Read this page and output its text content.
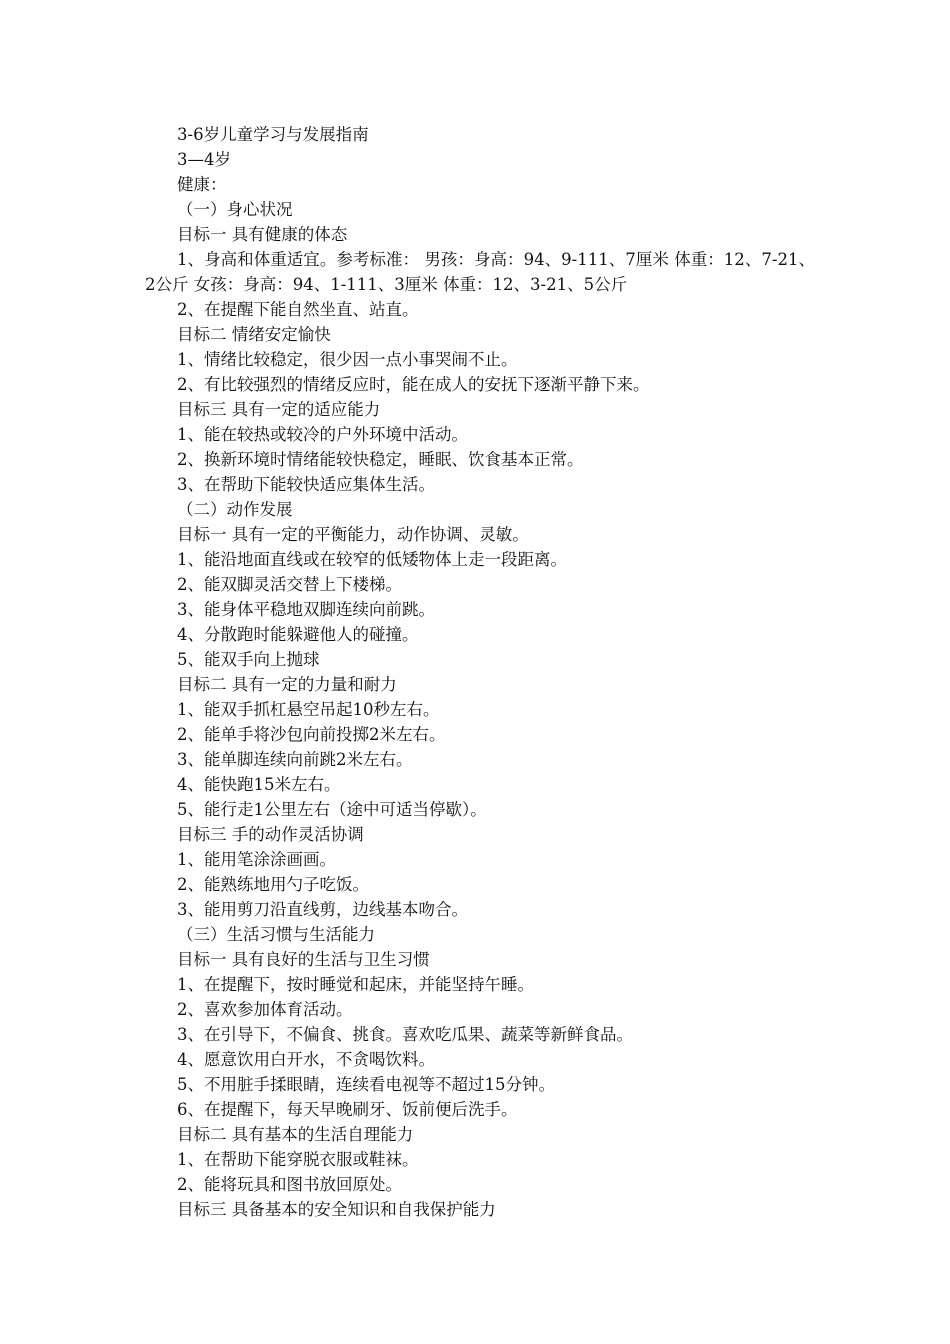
3-6岁儿童学习与发展指南
3—4岁
健康：
（一）身心状况
目标一 具有健康的体态
1、身高和体重适宜。参考标准： 男孩：身高：94、9-111、7厘米 体重：12、7-21、2公斤 女孩：身高：94、1-111、3厘米 体重：12、3-21、5公斤
2、在提醒下能自然坐直、站直。
目标二 情绪安定愉快
1、情绪比较稳定，很少因一点小事哭闹不止。
2、有比较强烈的情绪反应时，能在成人的安抚下逐渐平静下来。
目标三 具有一定的适应能力
1、能在较热或较冷的户外环境中活动。
2、换新环境时情绪能较快稳定，睡眠、饮食基本正常。
3、在帮助下能较快适应集体生活。
（二）动作发展
目标一 具有一定的平衡能力，动作协调、灵敏。
1、能沿地面直线或在较窄的低矮物体上走一段距离。
2、能双脚灵活交替上下楼梯。
3、能身体平稳地双脚连续向前跳。
4、分散跑时能躲避他人的碰撞。
5、能双手向上抛球
目标二 具有一定的力量和耐力
1、能双手抓杠悬空吊起10秒左右。
2、能单手将沙包向前投掷2米左右。
3、能单脚连续向前跳2米左右。
4、能快跑15米左右。
5、能行走1公里左右（途中可适当停歇）。
目标三 手的动作灵活协调
1、能用笔涂涂画画。
2、能熟练地用勺子吃饭。
3、能用剪刀沿直线剪，边线基本吻合。
（三）生活习惯与生活能力
目标一 具有良好的生活与卫生习惯
1、在提醒下，按时睡觉和起床，并能坚持午睡。
2、喜欢参加体育活动。
3、在引导下，不偏食、挑食。喜欢吃瓜果、蔬菜等新鲜食品。
4、愿意饮用白开水，不贪喝饮料。
5、不用脏手揉眼睛，连续看电视等不超过15分钟。
6、在提醒下，每天早晚刷牙、饭前便后洗手。
目标二 具有基本的生活自理能力
1、在帮助下能穿脱衣服或鞋袜。
2、能将玩具和图书放回原处。
目标三 具备基本的安全知识和自我保护能力
